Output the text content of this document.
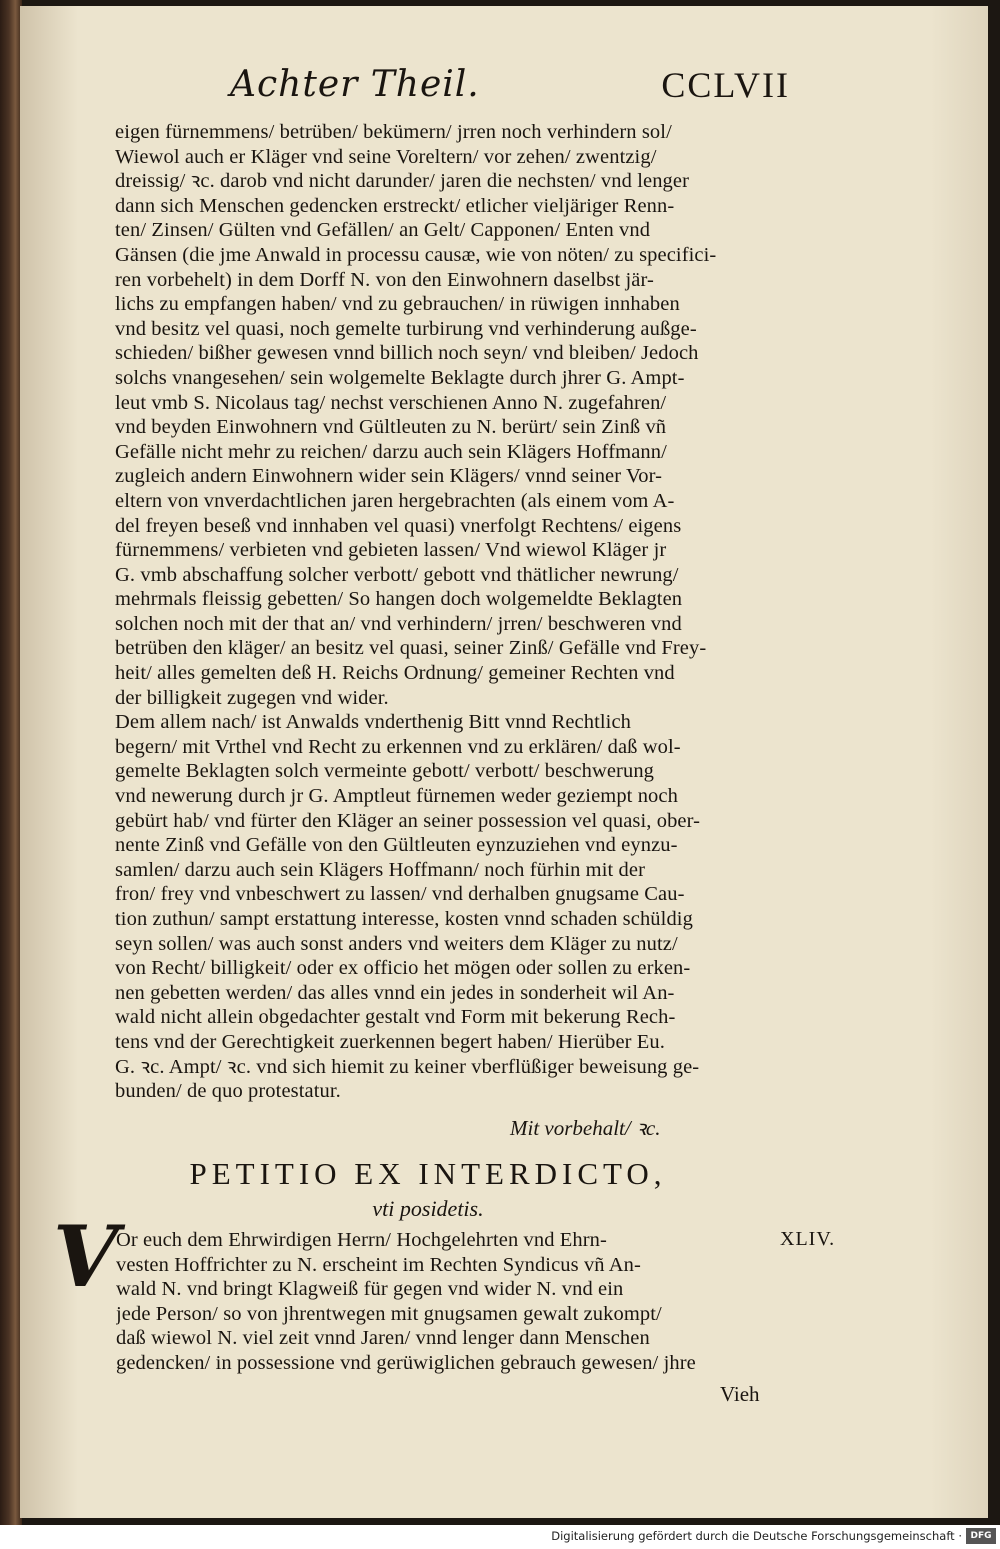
Achter Theil.	CCLVII
eigen fürnemmens/ betrüben/ bekümern/ jrren noch verhindern sol/
Wiewol auch er Kläger vnd seine Voreltern/ vor zehen/ zwentzig/
dreissig/ ꝛc. darob vnd nicht darunder/ jaren die nechsten/ vnd lenger
dann sich Menschen gedencken erstreckt/ etlicher vieljäriger Renn-
ten/ Zinsen/ Gülten vnd Gefällen/ an Gelt/ Capponen/ Enten vnd
Gänsen (die jme Anwald in processu causæ, wie von nöten/ zu specifici-
ren vorbehelt) in dem Dorff N. von den Einwohnern daselbst jär-
lichs zu empfangen haben/ vnd zu gebrauchen/ in rüwigen innhaben
vnd besitz vel quasi, noch gemelte turbirung vnd verhinderung außge-
schieden/ bißher gewesen vnnd billich noch seyn/ vnd bleiben/ Jedoch
solchs vnangesehen/ sein wolgemelte Beklagte durch jhrer G. Ampt-
leut vmb S. Nicolaus tag/ nechst verschienen Anno N. zugefahren/
vnd beyden Einwohnern vnd Gültleuten zu N. berürt/ sein Zinß vñ
Gefälle nicht mehr zu reichen/ darzu auch sein Klägers Hoffmann/
zugleich andern Einwohnern wider sein Klägers/ vnnd seiner Vor-
eltern von vnverdachtlichen jaren hergebrachten (als einem vom A-
del freyen beseß vnd innhaben vel quasi) vnerfolgt Rechtens/ eigens
fürnemmens/ verbieten vnd gebieten lassen/ Vnd wiewol Kläger jr
G. vmb abschaffung solcher verbott/ gebott vnd thätlicher newrung/
mehrmals fleissig gebetten/ So hangen doch wolgemeldte Beklagten
solchen noch mit der that an/ vnd verhindern/ jrren/ beschweren vnd
betrüben den kläger/ an besitz vel quasi, seiner Zinß/ Gefälle vnd Frey-
heit/ alles gemelten deß H. Reichs Ordnung/ gemeiner Rechten vnd
der billigkeit zugegen vnd wider.
Dem allem nach/ ist Anwalds vnderthenig Bitt vnnd Rechtlich
begern/ mit Vrthel vnd Recht zu erkennen vnd zu erklären/ daß wol-
gemelte Beklagten solch vermeinte gebott/ verbott/ beschwerung
vnd newerung durch jr G. Amptleut fürnemen weder geziempt noch
gebürt hab/ vnd fürter den Kläger an seiner possession vel quasi, ober-
nente Zinß vnd Gefälle von den Gültleuten eynzuziehen vnd eynzu-
samlen/ darzu auch sein Klägers Hoffmann/ noch fürhin mit der
fron/ frey vnd vnbeschwert zu lassen/ vnd derhalben gnugsame Cau-
tion zuthun/ sampt erstattung interesse, kosten vnnd schaden schüldig
seyn sollen/ was auch sonst anders vnd weiters dem Kläger zu nutz/
von Recht/ billigkeit/ oder ex officio het mögen oder sollen zu erken-
nen gebetten werden/ das alles vnnd ein jedes in sonderheit wil An-
wald nicht allein obgedachter gestalt vnd Form mit bekerung Rech-
tens vnd der Gerechtigkeit zuerkennen begert haben/ Hierüber Eu.
G. ꝛc. Ampt/ ꝛc. vnd sich hiemit zu keiner vberflüßiger beweisung ge-
bunden/ de quo protestatur.
Mit vorbehalt/ ꝛc.
PETITIO EX INTERDICTO,
vti posidetis.
V
Or euch dem Ehrwirdigen Herrn/ Hochgelehrten vnd Ehrn-
vesten Hoffrichter zu N. erscheint im Rechten Syndicus vñ An-
wald N. vnd bringt Klagweiß für gegen vnd wider N. vnd ein
jede Person/ so von jhrentwegen mit gnugsamen gewalt zukompt/
daß wiewol N. viel zeit vnnd Jaren/ vnnd lenger dann Menschen
gedencken/ in possessione vnd gerüwiglichen gebrauch gewesen/ jhre
XLIV.
Vieh
Digitalisierung gefördert durch die Deutsche Forschungsgemeinschaft · DFG
